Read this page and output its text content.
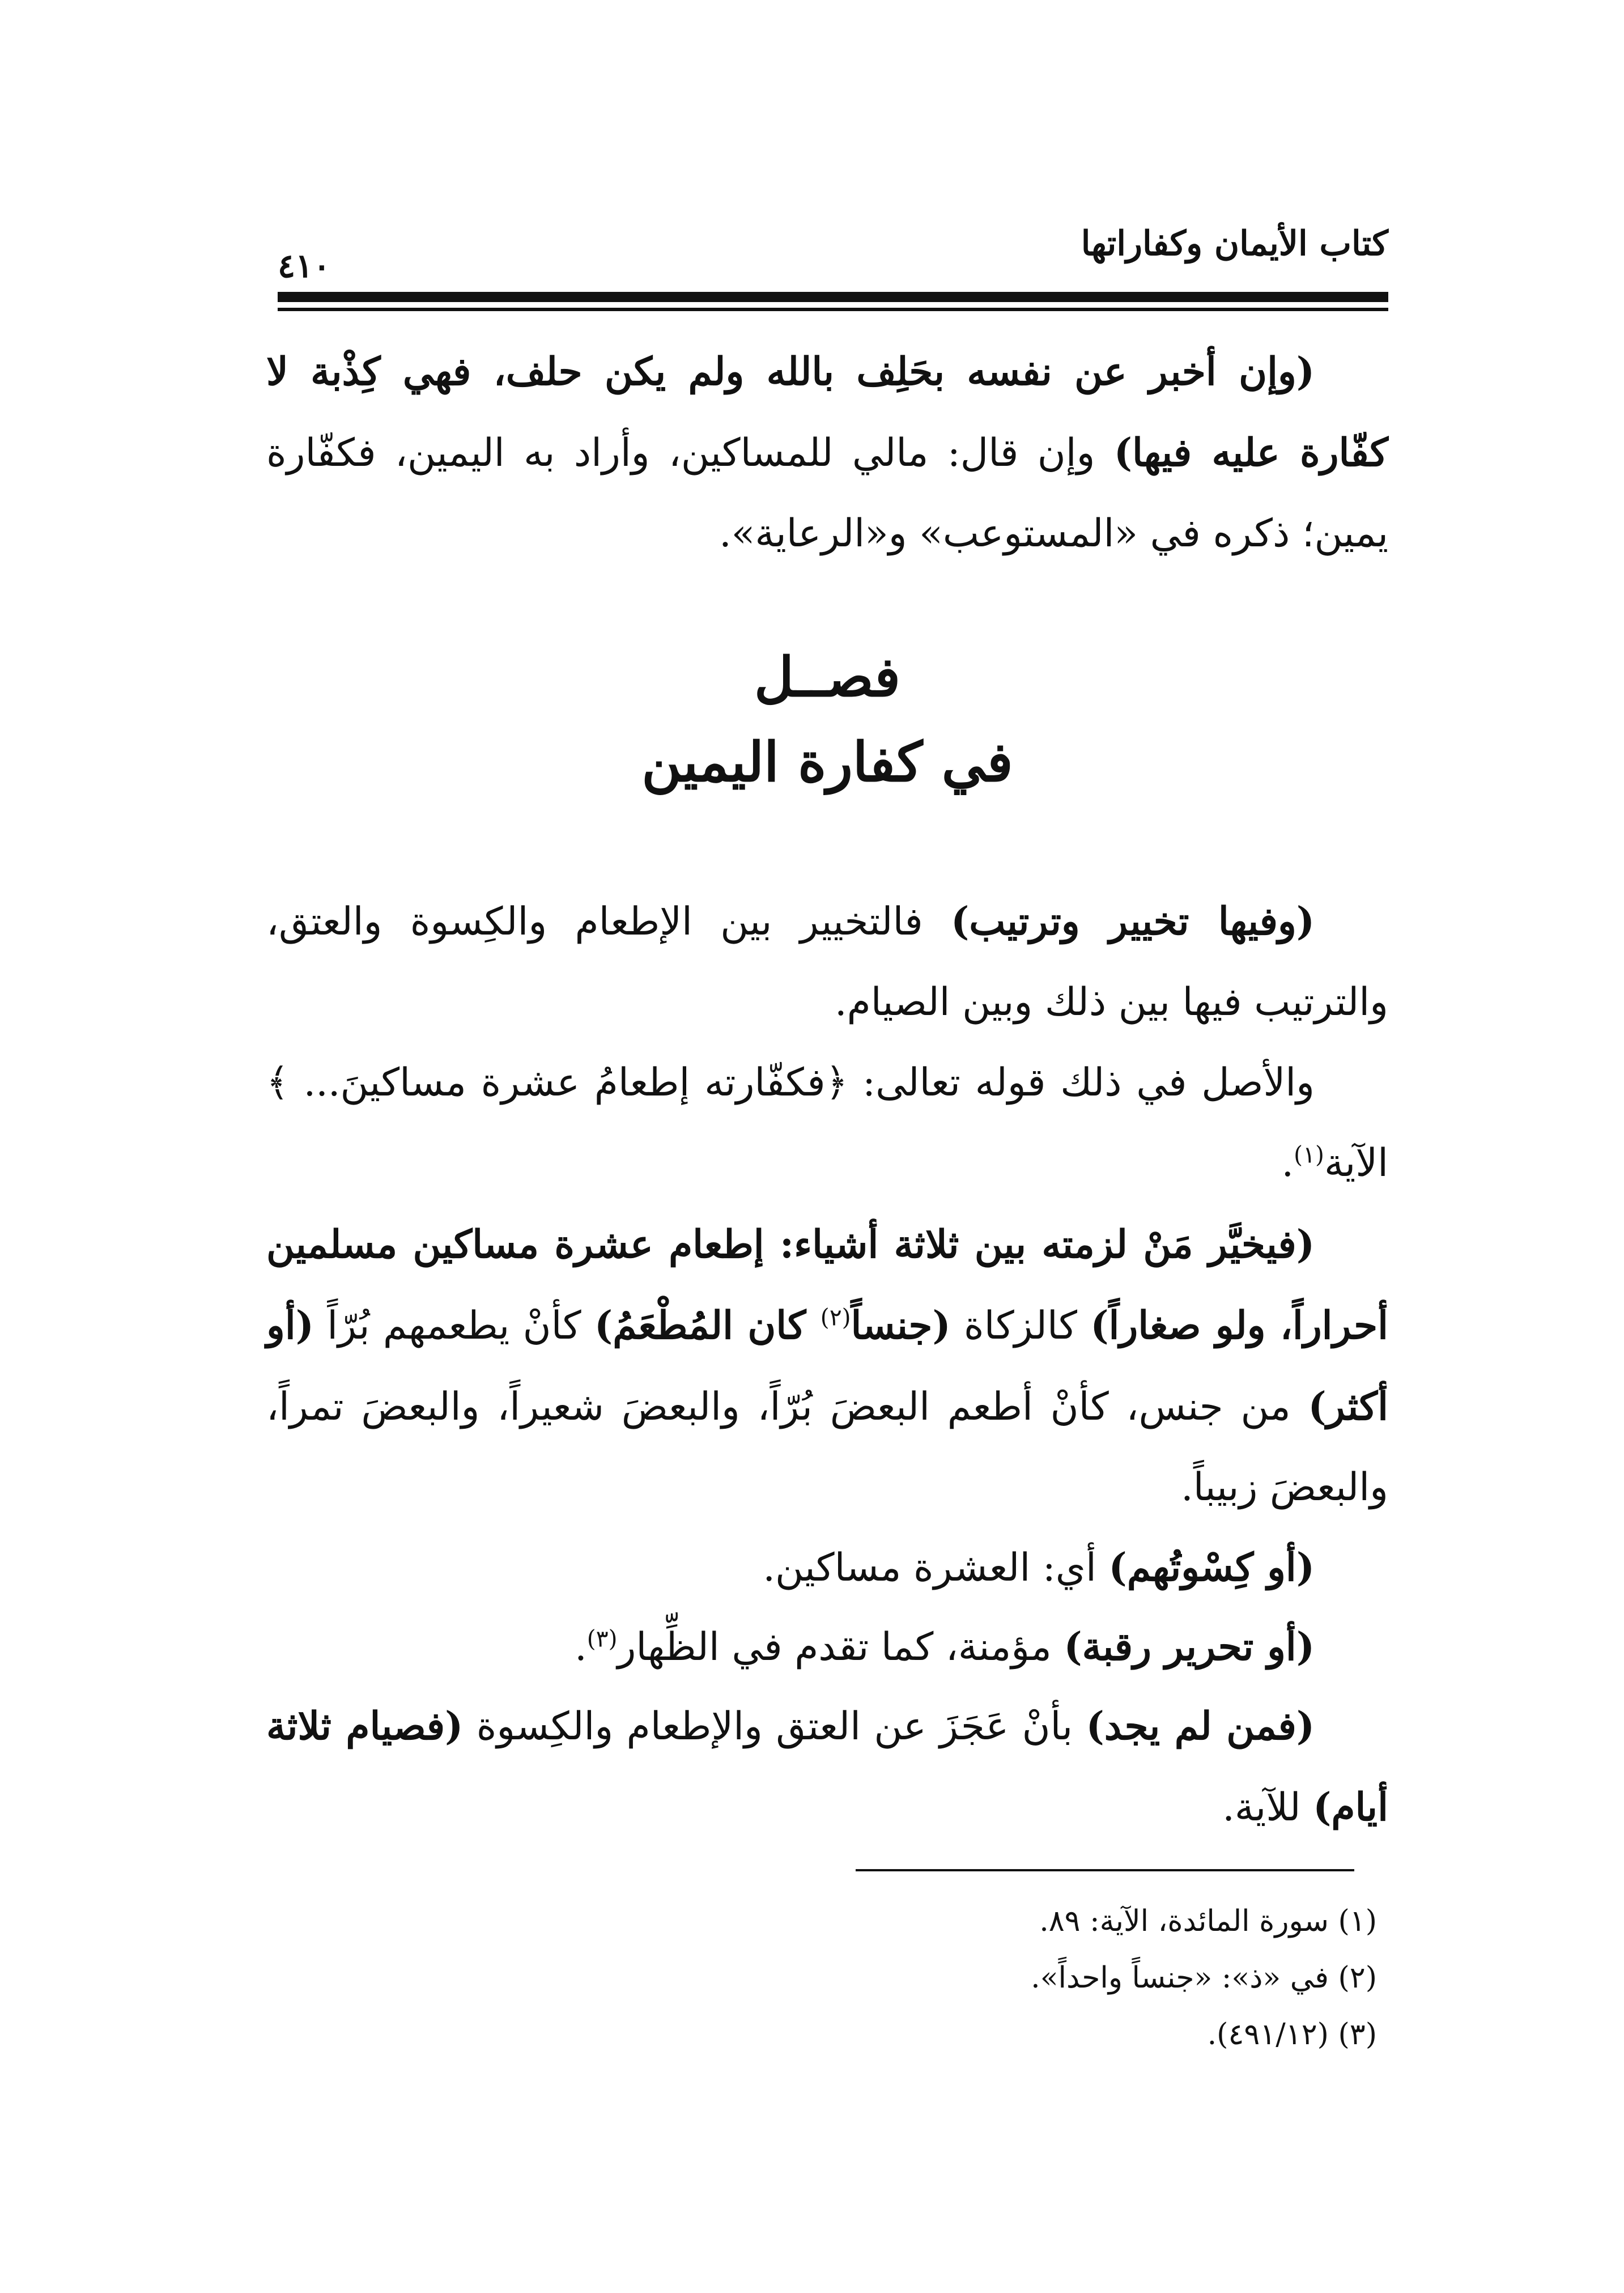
كتاب الأيمان وكفاراتها
٤١٠

(وإن أخبر عن نفسه بحَلِف بالله ولم يكن حلف، فهي كِذْبة لا كفّارة عليه فيها) وإن قال: مالي للمساكين، وأراد به اليمين، فكفّارة يمين؛ ذكره في «المستوعب» و«الرعاية».

فصــل
في كفارة اليمين

(وفيها تخيير وترتيب) فالتخيير بين الإطعام والكِسوة والعتق، والترتيب فيها بين ذلك وبين الصيام.

والأصل في ذلك قوله تعالى: ﴿فكفّارته إطعامُ عشرة مساكينَ... ﴾ الآية$^{(١)}$.

(فيخيَّر مَنْ لزمته بين ثلاثة أشياء: إطعام عشرة مساكين مسلمين أحراراً، ولو صغاراً) كالزكاة (جنساً$^{(٢)}$ كان المُطْعَمُ) كأنْ يطعمهم بُرّاً (أو أكثر) من جنس، كأنْ أطعم البعضَ بُرّاً، والبعضَ شعيراً، والبعضَ تمراً، والبعضَ زبيباً.

(أو كِسْوتُهم) أي: العشرة مساكين.

(أو تحرير رقبة) مؤمنة، كما تقدم في الظِّهار$^{(٣)}$.

(فمن لم يجد) بأنْ عَجَزَ عن العتق والإطعام والكِسوة (فصيام ثلاثة أيام) للآية.

(١) سورة المائدة، الآية: ٨٩.
(٢) في «ذ»: «جنساً واحداً».
(٣) (٤٩١/١٢).
